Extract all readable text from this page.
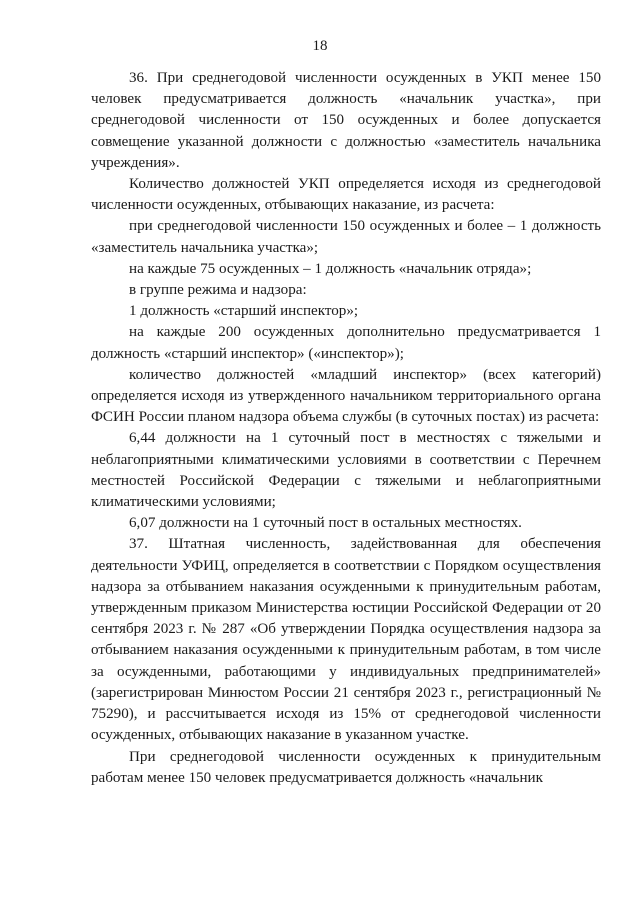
18

36. При среднегодовой численности осужденных в УКП менее 150 человек предусматривается должность «начальник участка», при среднегодовой численности от 150 осужденных и более допускается совмещение указанной должности с должностью «заместитель начальника учреждения».

Количество должностей УКП определяется исходя из среднегодовой численности осужденных, отбывающих наказание, из расчета:

при среднегодовой численности 150 осужденных и более – 1 должность «заместитель начальника участка»;

на каждые 75 осужденных – 1 должность «начальник отряда»;

в группе режима и надзора:

1 должность «старший инспектор»;

на каждые 200 осужденных дополнительно предусматривается 1 должность «старший инспектор» («инспектор»);

количество должностей «младший инспектор» (всех категорий) определяется исходя из утвержденного начальником территориального органа ФСИН России планом надзора объема службы (в суточных постах) из расчета:

6,44 должности на 1 суточный пост в местностях с тяжелыми и неблагоприятными климатическими условиями в соответствии с Перечнем местностей Российской Федерации с тяжелыми и неблагоприятными климатическими условиями;

6,07 должности на 1 суточный пост в остальных местностях.

37. Штатная численность, задействованная для обеспечения деятельности УФИЦ, определяется в соответствии с Порядком осуществления надзора за отбыванием наказания осужденными к принудительным работам, утвержденным приказом Министерства юстиции Российской Федерации от 20 сентября 2023 г. № 287 «Об утверждении Порядка осуществления надзора за отбыванием наказания осужденными к принудительным работам, в том числе за осужденными, работающими у индивидуальных предпринимателей» (зарегистрирован Минюстом России 21 сентября 2023 г., регистрационный № 75290), и рассчитывается исходя из 15% от среднегодовой численности осужденных, отбывающих наказание в указанном участке.

При среднегодовой численности осужденных к принудительным работам менее 150 человек предусматривается должность «начальник
